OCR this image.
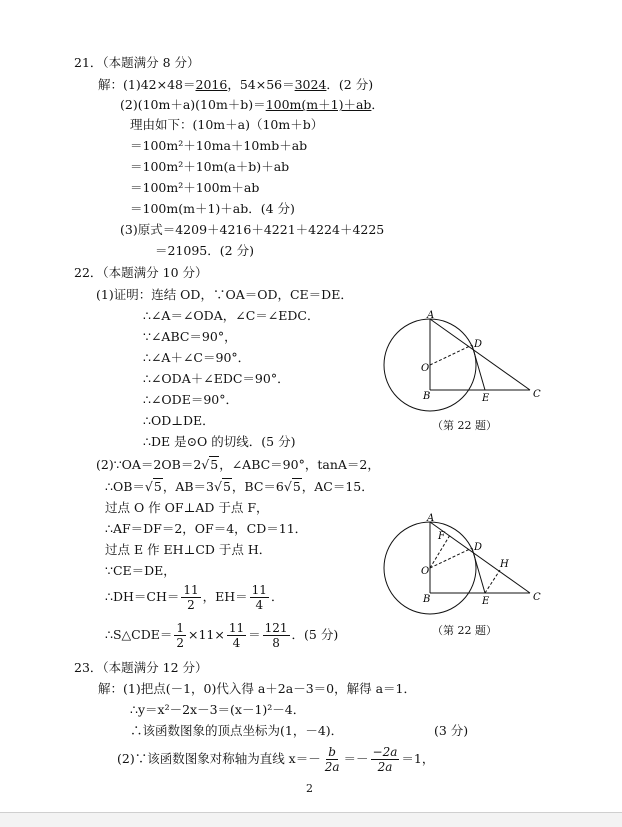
21．（本题满分 8 分）
解：(1)42×48＝2016，54×56＝3024．(2 分)
(2)(10m＋a)(10m＋b)＝100m(m＋1)＋ab．
理由如下：(10m＋a)（10m＋b）
＝100m²＋10ma＋10mb＋ab
＝100m²＋10m(a＋b)＋ab
＝100m²＋100m＋ab
＝100m(m＋1)＋ab．(4 分)
(3)原式＝4209＋4216＋4221＋4224＋4225
＝21095．(2 分)
22．（本题满分 10 分）
(1)证明：连结 OD，∵OA＝OD，CE＝DE．
∴∠A＝∠ODA，∠C＝∠EDC．
∵∠ABC＝90°，
∴∠A＋∠C＝90°．
∴∠ODA＋∠EDC＝90°．
∴∠ODE＝90°．
∴OD⊥DE．
∴DE 是⊙O 的切线．(5 分)
(2)∵OA＝2OB＝2√5，∠ABC＝90°，tanA＝2，
∴OB＝√5，AB＝3√5，BC＝6√5，AC＝15．
过点 O 作 OF⊥AD 于点 F，
∴AF＝DF＝2，OF＝4，CD＝11．
过点 E 作 EH⊥CD 于点 H．
∵CE＝DE，
∴DH＝CH＝ $\frac{11}{2}$ ，$EH= \frac{11}{4}$ ．
∴S△CDE＝ $\frac{1}{2} \times 11\times \frac{11}{4} = \frac{121}{8}$ ．(5 分)
A
D
O
B	E	C
（第 22 题）
A
F
D
H
O
B	E	C
（第 22 题）
23．（本题满分 12 分）
解：(1)把点(－1，0)代入得 a＋2a－3＝0，解得 a＝1．
∴y＝x²－2x－3＝(x－1)²－4．
∴该函数图象的顶点坐标为(1，－4)．	(3 分)
(2)∵该函数图象对称轴为直线 $x=- \frac{b}{2a} =- \frac{-2a}{2a} =1$，
2
